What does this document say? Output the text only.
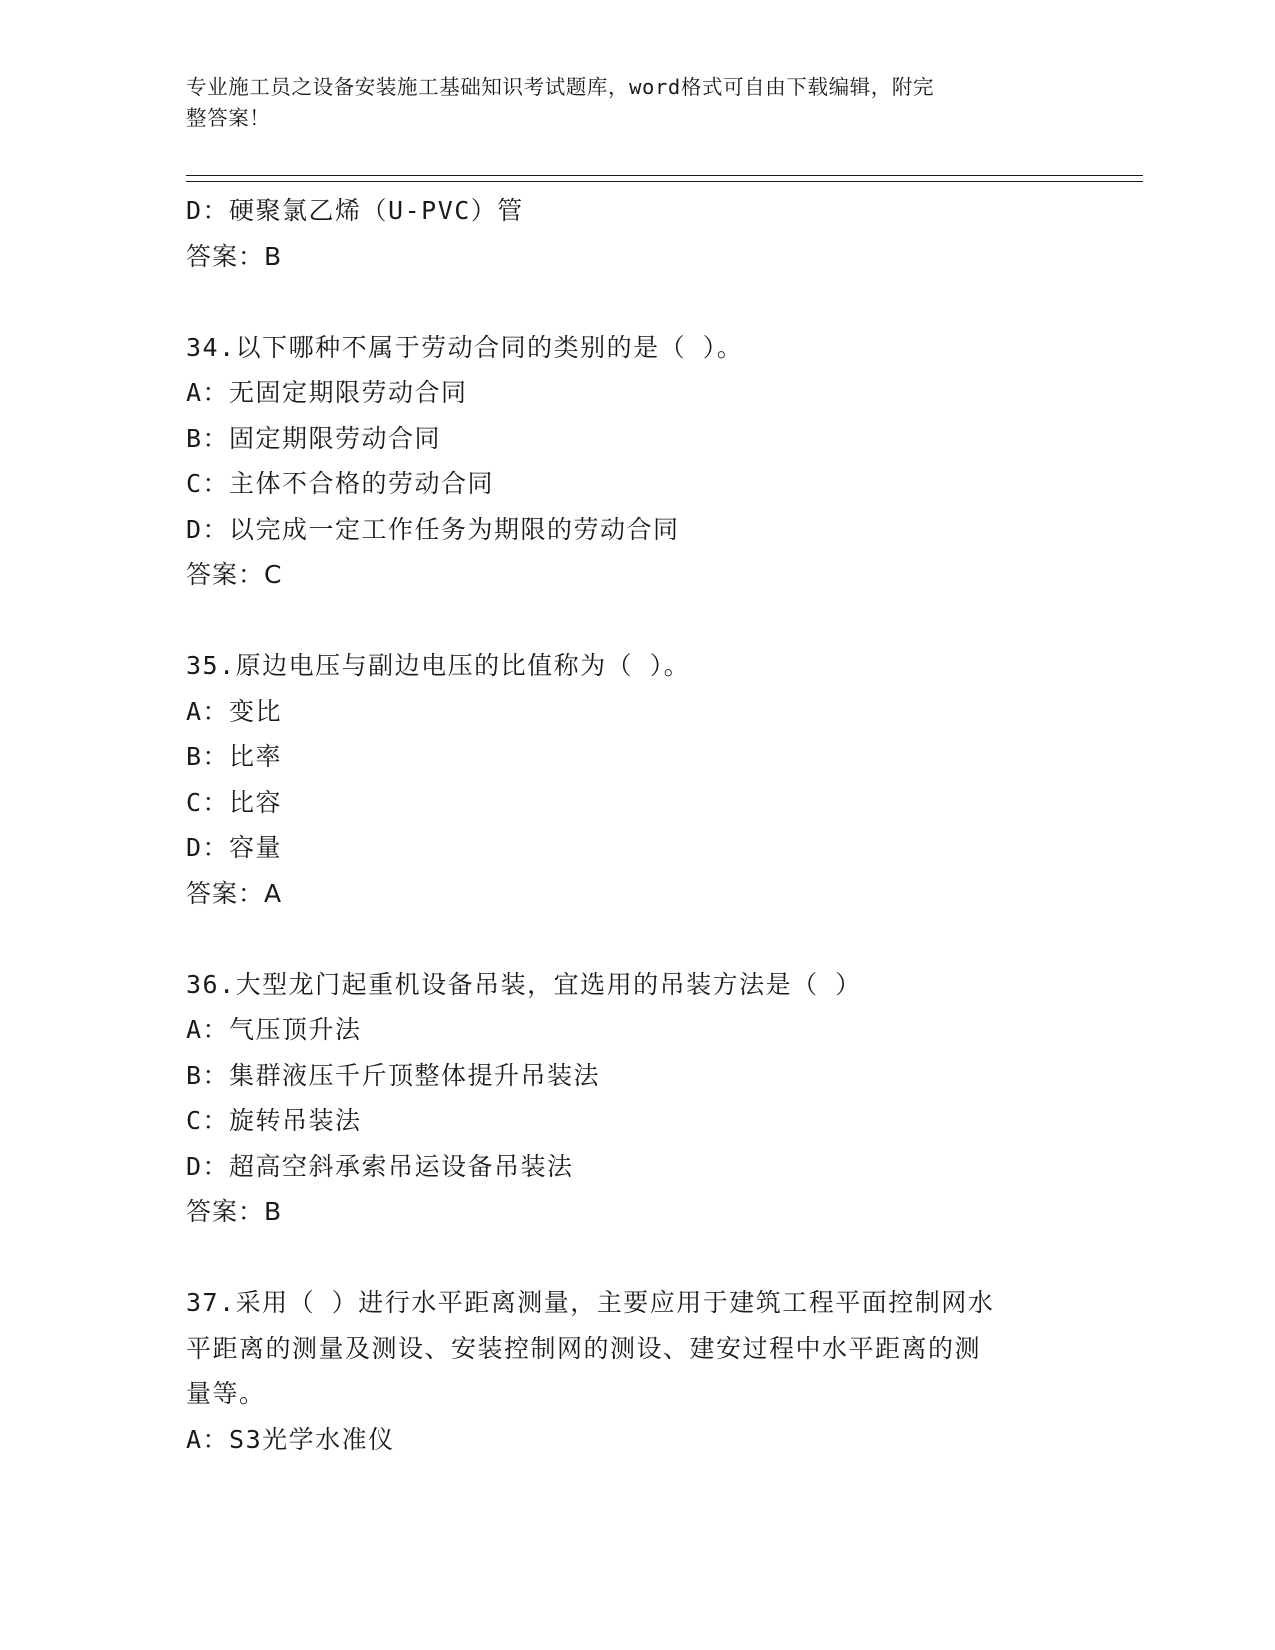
专业施工员之设备安装施工基础知识考试题库，word格式可自由下载编辑，附完
整答案！
D：硬聚氯乙烯（U-PVC）管
答案：B
34.以下哪种不属于劳动合同的类别的是（ ）。
A：无固定期限劳动合同
B：固定期限劳动合同
C：主体不合格的劳动合同
D：以完成一定工作任务为期限的劳动合同
答案：C
35.原边电压与副边电压的比值称为（ ）。
A：变比
B：比率
C：比容
D：容量
答案：A
36.大型龙门起重机设备吊装，宜选用的吊装方法是（ ）
A：气压顶升法
B：集群液压千斤顶整体提升吊装法
C：旋转吊装法
D：超高空斜承索吊运设备吊装法
答案：B
37.采用（ ）进行水平距离测量，主要应用于建筑工程平面控制网水
平距离的测量及测设、安装控制网的测设、建安过程中水平距离的测
量等。
A：S3光学水准仪
